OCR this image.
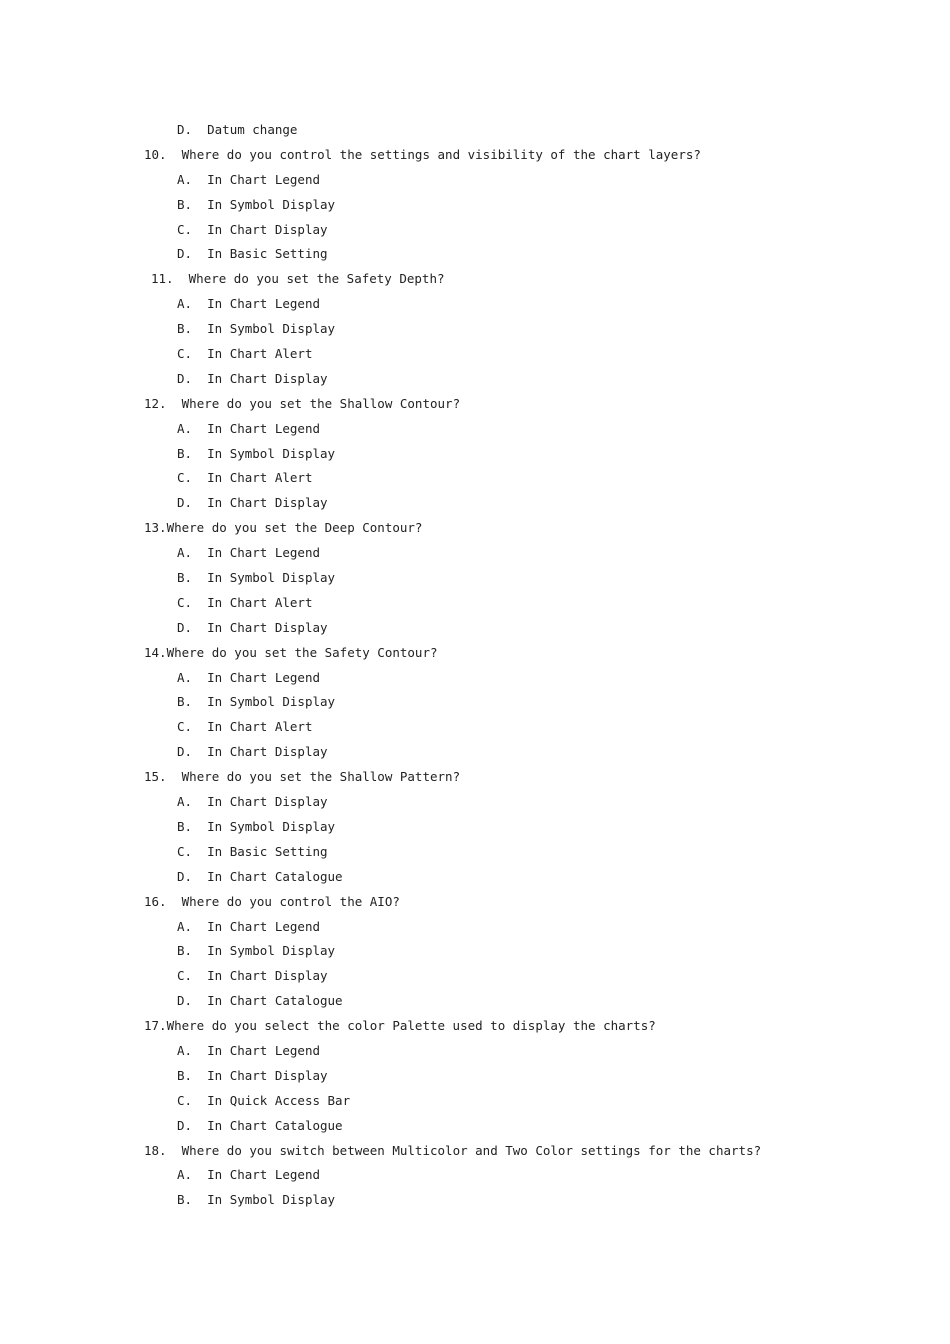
D. Datum change
10. Where do you control the settings and visibility of the chart layers?
A. In Chart Legend
B. In Symbol Display
C. In Chart Display
D. In Basic Setting
11. Where do you set the Safety Depth?
A. In Chart Legend
B. In Symbol Display
C. In Chart Alert
D. In Chart Display
12. Where do you set the Shallow Contour?
A. In Chart Legend
B. In Symbol Display
C. In Chart Alert
D. In Chart Display
13.Where do you set the Deep Contour?
A. In Chart Legend
B. In Symbol Display
C. In Chart Alert
D. In Chart Display
14.Where do you set the Safety Contour?
A. In Chart Legend
B. In Symbol Display
C. In Chart Alert
D. In Chart Display
15. Where do you set the Shallow Pattern?
A. In Chart Display
B. In Symbol Display
C. In Basic Setting
D. In Chart Catalogue
16. Where do you control the AIO?
A. In Chart Legend
B. In Symbol Display
C. In Chart Display
D. In Chart Catalogue
17.Where do you select the color Palette used to display the charts?
A. In Chart Legend
B. In Chart Display
C. In Quick Access Bar
D. In Chart Catalogue
18. Where do you switch between Multicolor and Two Color settings for the charts?
A. In Chart Legend
B. In Symbol Display
